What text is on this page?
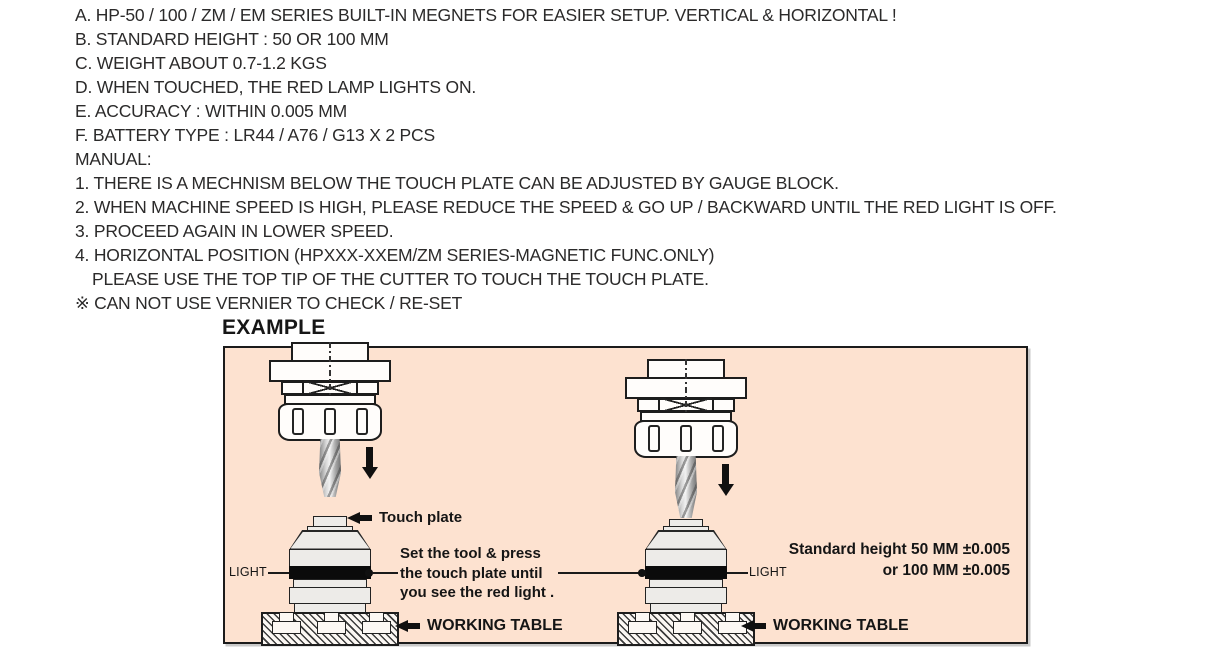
A. HP-50 / 100 / ZM / EM SERIES BUILT-IN MEGNETS FOR EASIER SETUP. VERTICAL & HORIZONTAL !
B. STANDARD HEIGHT : 50 OR 100 MM
C. WEIGHT ABOUT 0.7-1.2 KGS
D. WHEN TOUCHED, THE RED LAMP LIGHTS ON.
E. ACCURACY : WITHIN 0.005 MM
F. BATTERY TYPE : LR44 / A76 / G13 X 2 PCS
MANUAL:
1. THERE IS A MECHNISM BELOW THE TOUCH PLATE CAN BE ADJUSTED BY GAUGE BLOCK.
2. WHEN MACHINE SPEED IS HIGH, PLEASE REDUCE THE SPEED & GO UP / BACKWARD UNTIL THE RED LIGHT IS OFF.
3. PROCEED AGAIN IN LOWER SPEED.
4. HORIZONTAL POSITION (HPXXX-XXEM/ZM SERIES-MAGNETIC FUNC.ONLY)
PLEASE USE THE TOP TIP OF THE CUTTER TO TOUCH THE TOUCH PLATE.
※ CAN NOT USE VERNIER TO CHECK / RE-SET
EXAMPLE
Touch plate
LIGHT	LIGHT
Set the tool & press
the touch plate until
you see the red light .
Standard height 50 MM ±0.005
or 100 MM ±0.005
WORKING TABLE	WORKING TABLE
